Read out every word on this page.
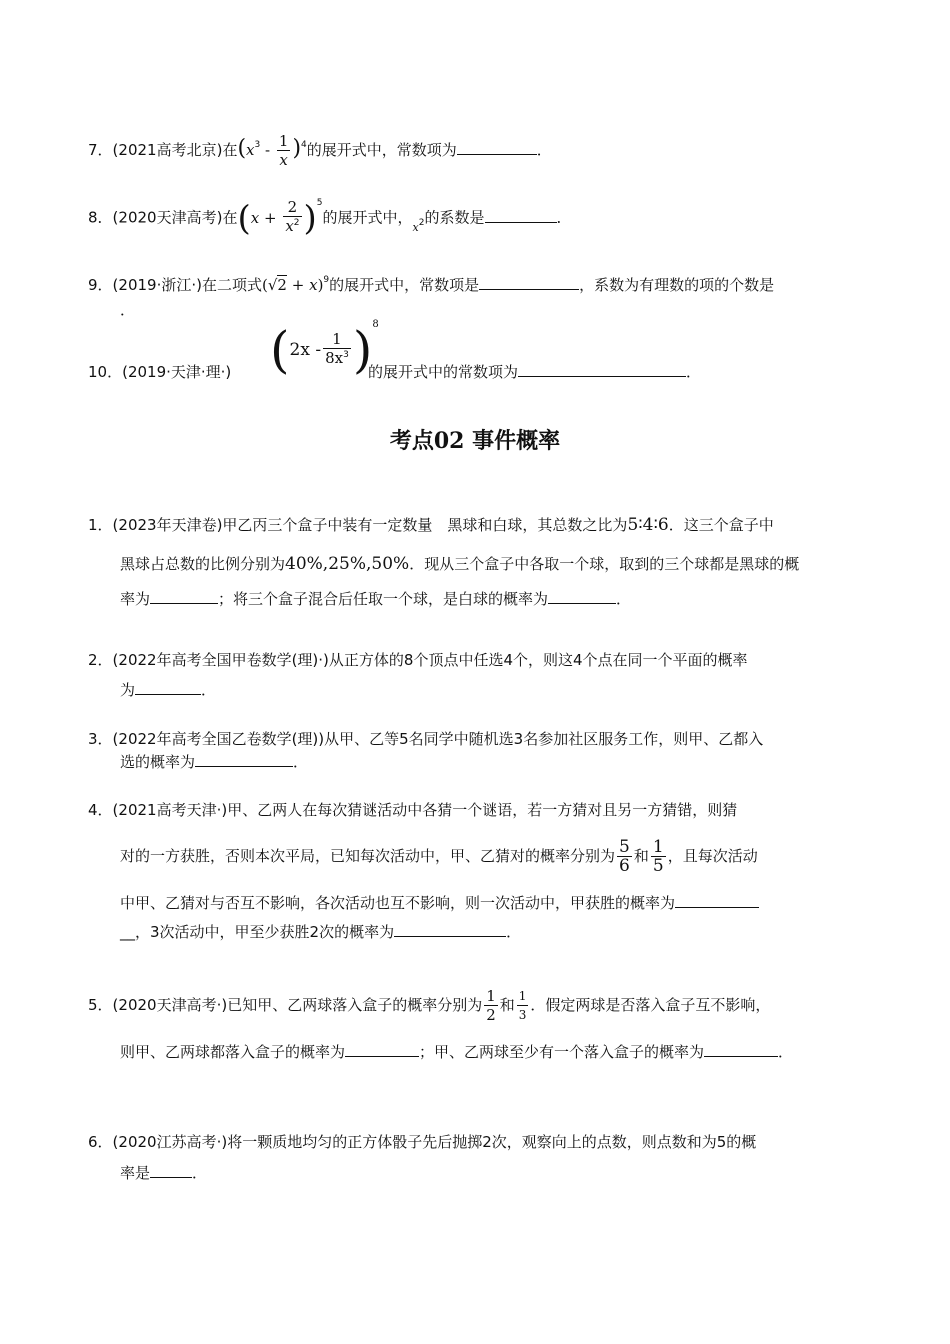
7．(2021高考北京)在$(x^3 - \frac{1}{x} )^4$的展开式中，常数项为	．
8．(2020天津高考)在$(x + \frac{2}{x^2} )^5$的展开式中，$_{x^2}$的系数是	．
9．(2019·浙江·)在二项式$(√2 + x)^9$的展开式中，常数项是	，系数为有理数的项的个数是
．
10．(2019·天津·理·) ( $2x - \frac{1}{8x^3}$ ) 8
的展开式中的常数项为	．
考点02 事件概率
1．(2023年天津卷)甲乙丙三个盒子中装有一定数量　黑球和白球，其总数之比为5∶4∶6．这三个盒子中
黑球占总数的比例分别为40%,25%,50%．现从三个盒子中各取一个球，取到的三个球都是黑球的概
率为	；将三个盒子混合后任取一个球，是白球的概率为	．
2．(2022年高考全国甲卷数学(理)·)从正方体的8个顶点中任选4个，则这4个点在同一个平面的概率
为	．
3．(2022年高考全国乙卷数学(理))从甲、乙等5名同学中随机选3名参加社区服务工作，则甲、乙都入
选的概率为	．
4．(2021高考天津·)甲、乙两人在每次猜谜活动中各猜一个谜语，若一方猜对且另一方猜错，则猜
对的一方获胜，否则本次平局，已知每次活动中，甲、乙猜对的概率分别为 $\frac{5}{6}$ 和 $\frac{1}{5}$ ，且每次活动
中甲、乙猜对与否互不影响，各次活动也互不影响，则一次活动中，甲获胜的概率为
__，3次活动中，甲至少获胜2次的概率为	．
5． (2020天津高考·)已知甲、乙两球落入盒子的概率分别为 $\frac{1}{2}$ 和 $\frac{1}{3}$ ．假定两球是否落入盒子互不影响，
则甲、乙两球都落入盒子的概率为	；甲、乙两球至少有一个落入盒子的概率为	．
6．(2020江苏高考·)将一颗质地均匀的正方体骰子先后抛掷2次，观察向上的点数，则点数和为5的概
率是	．
